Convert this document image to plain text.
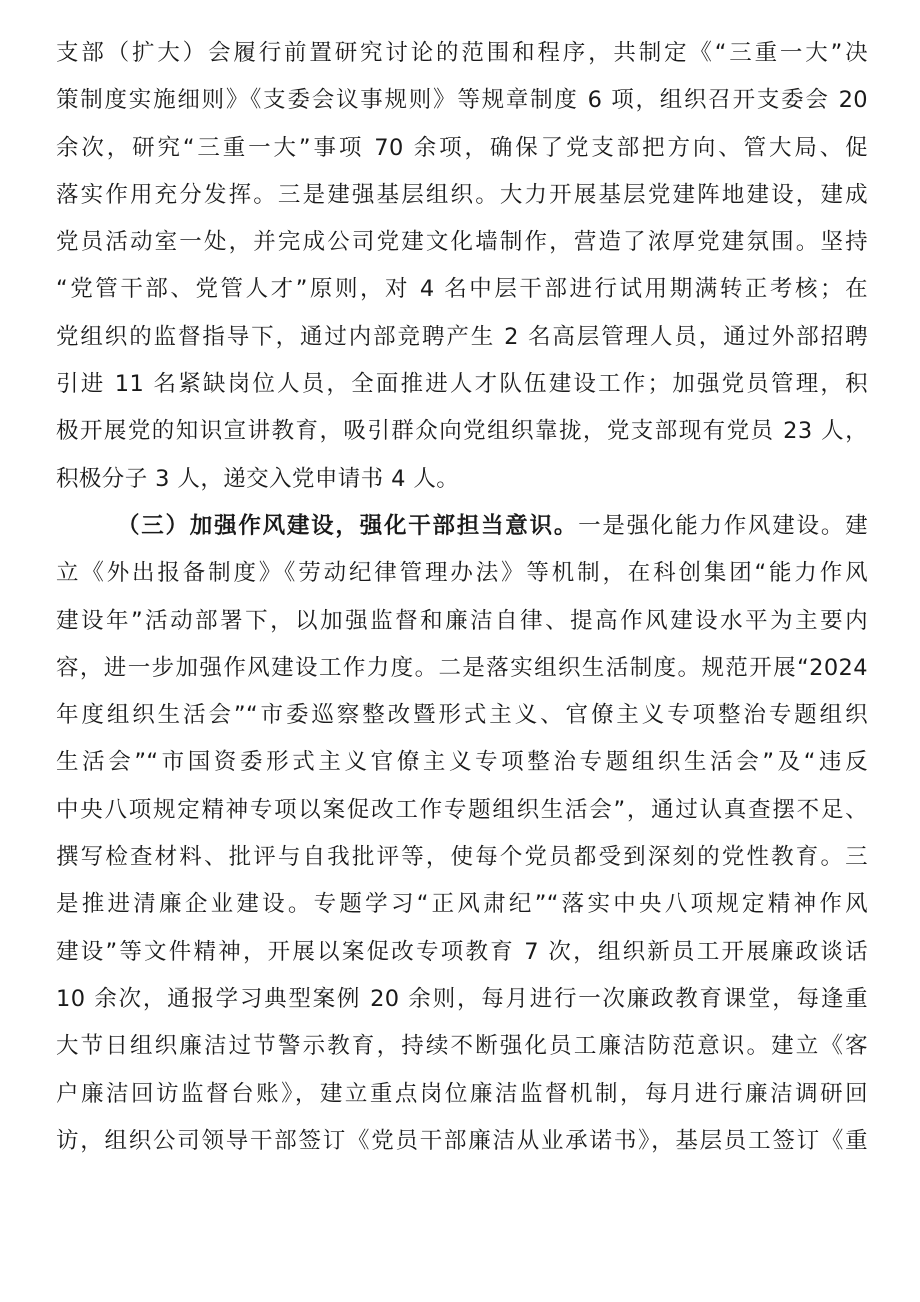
支部（扩大）会履行前置研究讨论的范围和程序，共制定《“三重一大”决
策制度实施细则》《支委会议事规则》等规章制度 6 项，组织召开支委会 20
余次，研究“三重一大”事项 70 余项，确保了党支部把方向、管大局、促
落实作用充分发挥。三是建强基层组织。大力开展基层党建阵地建设，建成
党员活动室一处，并完成公司党建文化墙制作，营造了浓厚党建氛围。坚持
“党管干部、党管人才”原则，对 4 名中层干部进行试用期满转正考核；在
党组织的监督指导下，通过内部竞聘产生 2 名高层管理人员，通过外部招聘
引进 11 名紧缺岗位人员，全面推进人才队伍建设工作；加强党员管理，积
极开展党的知识宣讲教育，吸引群众向党组织靠拢，党支部现有党员 23 人，
积极分子 3 人，递交入党申请书 4 人。
（三）加强作风建设，强化干部担当意识。一是强化能力作风建设。建
立《外出报备制度》《劳动纪律管理办法》等机制，在科创集团“能力作风
建设年”活动部署下，以加强监督和廉洁自律、提高作风建设水平为主要内
容，进一步加强作风建设工作力度。二是落实组织生活制度。规范开展“2024
年度组织生活会”“市委巡察整改暨形式主义、官僚主义专项整治专题组织
生活会”“市国资委形式主义官僚主义专项整治专题组织生活会”及“违反
中央八项规定精神专项以案促改工作专题组织生活会”，通过认真查摆不足、
撰写检查材料、批评与自我批评等，使每个党员都受到深刻的党性教育。三
是推进清廉企业建设。专题学习“正风肃纪”“落实中央八项规定精神作风
建设”等文件精神，开展以案促改专项教育 7 次，组织新员工开展廉政谈话
10 余次，通报学习典型案例 20 余则，每月进行一次廉政教育课堂，每逢重
大节日组织廉洁过节警示教育，持续不断强化员工廉洁防范意识。建立《客
户廉洁回访监督台账》，建立重点岗位廉洁监督机制，每月进行廉洁调研回
访，组织公司领导干部签订《党员干部廉洁从业承诺书》，基层员工签订《重
